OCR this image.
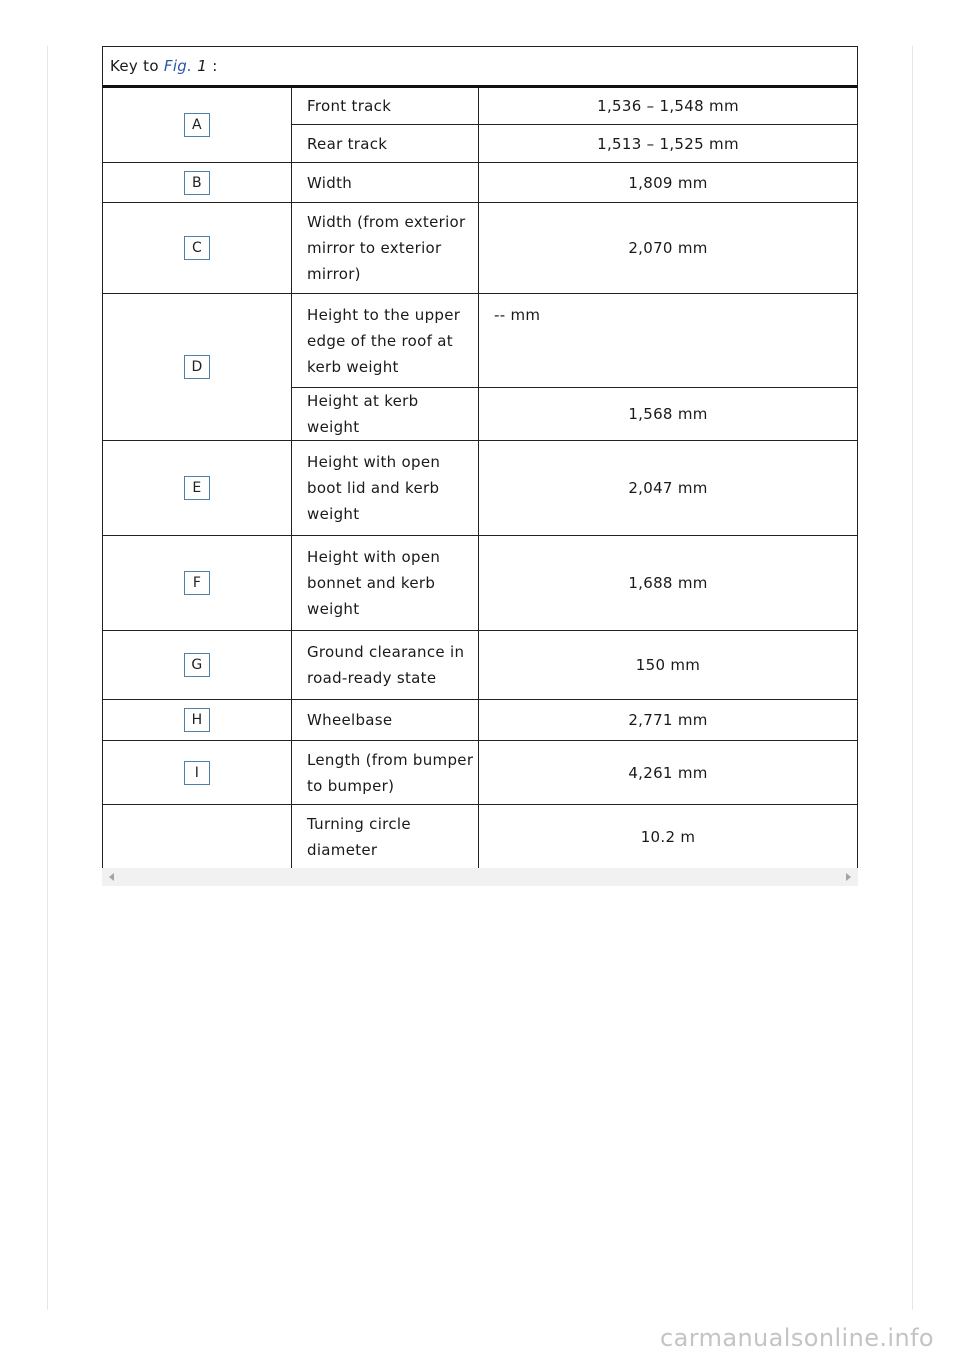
Key to Fig. 1 :		
A	Front track	1,536 – 1,548 mm
	Rear track	1,513 – 1,525 mm
B	Width	1,809 mm
C	Width (from exterior mirror to exterior mirror)	2,070 mm
D	Height to the upper edge of the roof at kerb weight	-- mm
	Height at kerb weight	1,568 mm
E	Height with open boot lid and kerb weight	2,047 mm
F	Height with open bonnet and kerb weight	1,688 mm
G	Ground clearance in road-ready state	150 mm
H	Wheelbase	2,771 mm
I	Length (from bumper to bumper)	4,261 mm
	Turning circle diameter	10.2 m
carmanualsonline.info
